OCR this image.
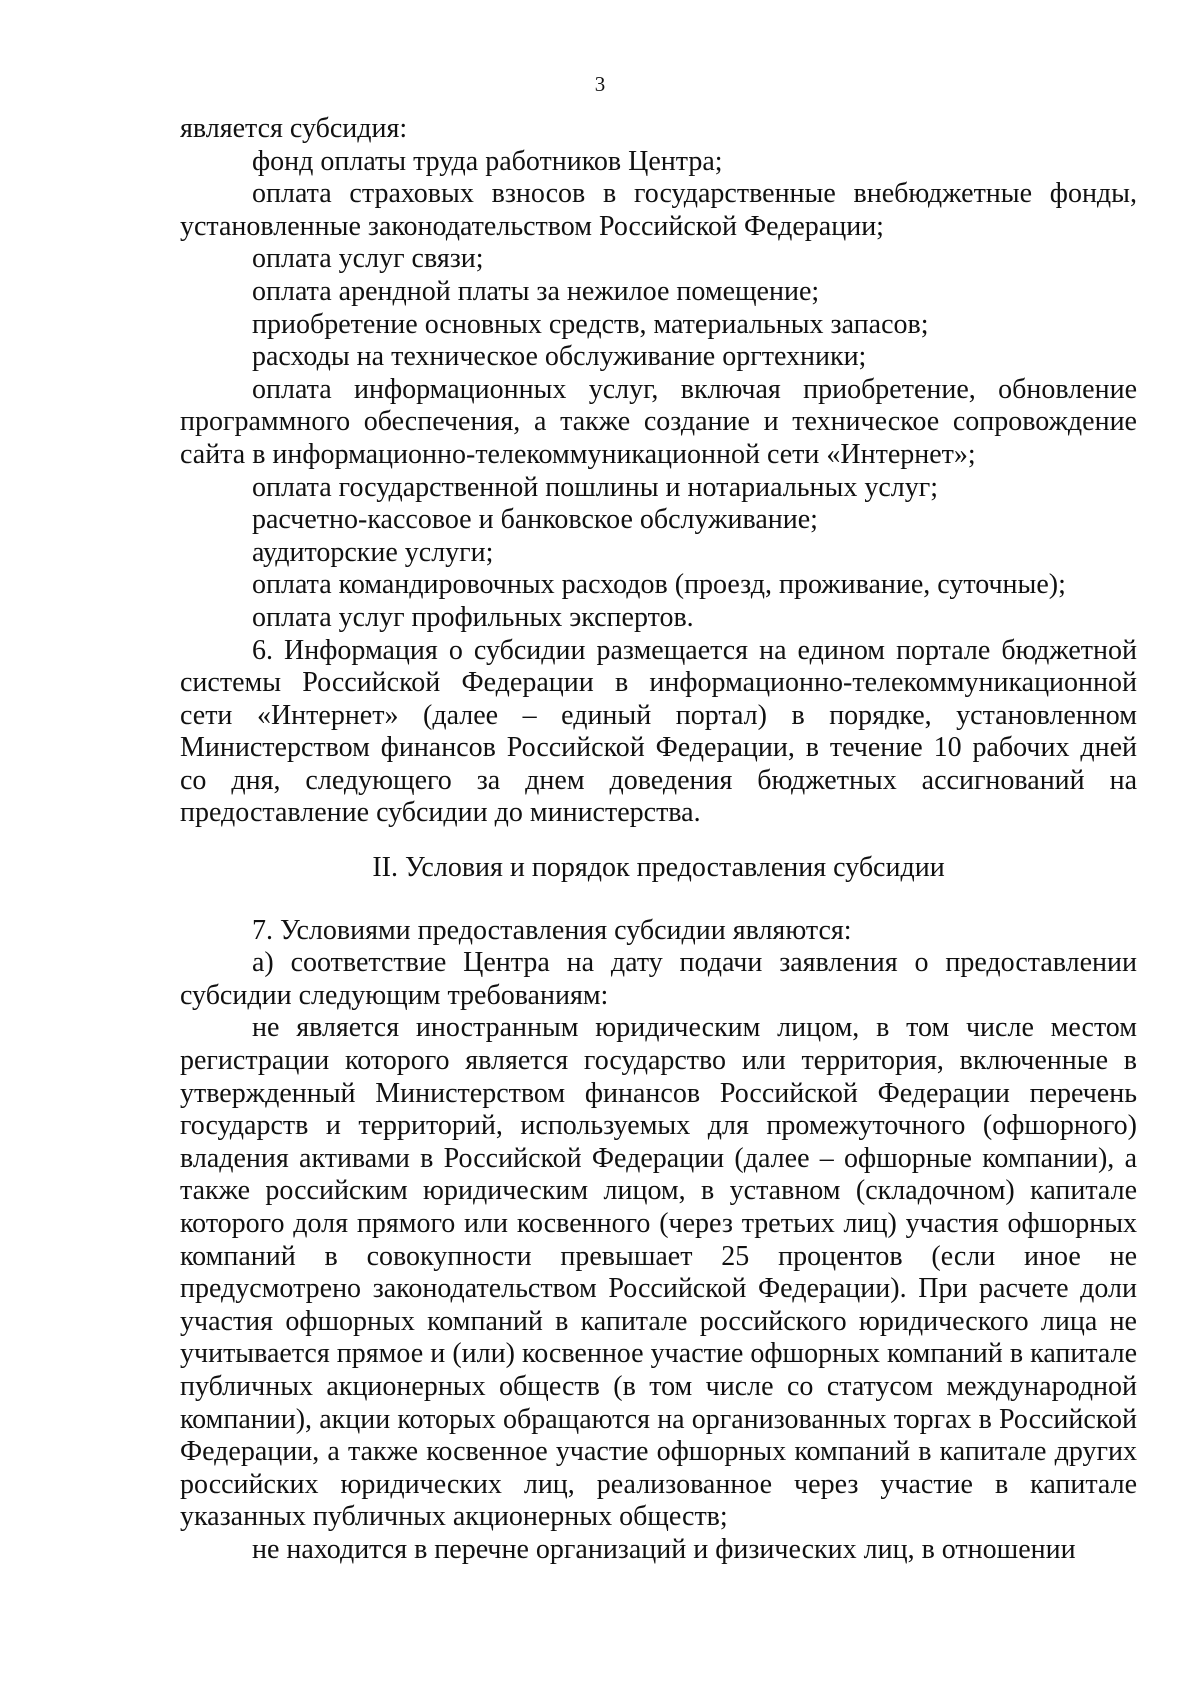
3

является субсидия:

фонд оплаты труда работников Центра;

оплата страховых взносов в государственные внебюджетные фонды, установленные законодательством Российской Федерации;

оплата услуг связи;

оплата арендной платы за нежилое помещение;

приобретение основных средств, материальных запасов;

расходы на техническое обслуживание оргтехники;

оплата информационных услуг, включая приобретение, обновление программного обеспечения, а также создание и техническое сопровождение сайта в информационно-телекоммуникационной сети «Интернет»;

оплата государственной пошлины и нотариальных услуг;

расчетно-кассовое и банковское обслуживание;

аудиторские услуги;

оплата командировочных расходов (проезд, проживание, суточные);

оплата услуг профильных экспертов.

6. Информация о субсидии размещается на едином портале бюджетной системы Российской Федерации в информационно-телекоммуникационной сети «Интернет» (далее – единый портал) в порядке, установленном Министерством финансов Российской Федерации, в течение 10 рабочих дней со дня, следующего за днем доведения бюджетных ассигнований на предоставление субсидии до министерства.

II. Условия и порядок предоставления субсидии

7. Условиями предоставления субсидии являются:

а) соответствие Центра на дату подачи заявления о предоставлении субсидии следующим требованиям:

не является иностранным юридическим лицом, в том числе местом регистрации которого является государство или территория, включенные в утвержденный Министерством финансов Российской Федерации перечень государств и территорий, используемых для промежуточного (офшорного) владения активами в Российской Федерации (далее – офшорные компании), а также российским юридическим лицом, в уставном (складочном) капитале которого доля прямого или косвенного (через третьих лиц) участия офшорных компаний в совокупности превышает 25 процентов (если иное не предусмотрено законодательством Российской Федерации). При расчете доли участия офшорных компаний в капитале российского юридического лица не учитывается прямое и (или) косвенное участие офшорных компаний в капитале публичных акционерных обществ (в том числе со статусом международной компании), акции которых обращаются на организованных торгах в Российской Федерации, а также косвенное участие офшорных компаний в капитале других российских юридических лиц, реализованное через участие в капитале указанных публичных акционерных обществ;

не находится в перечне организаций и физических лиц, в отношении
